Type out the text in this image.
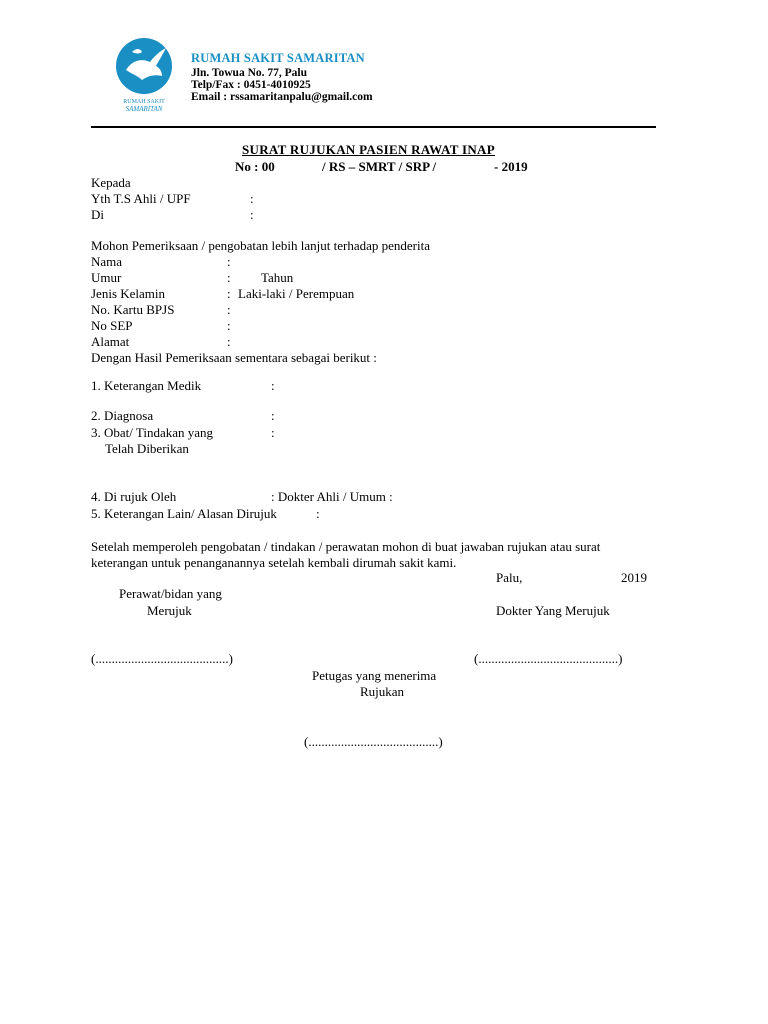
RUMAH SAKIT
SAMARITAN
RUMAH SAKIT SAMARITAN
Jln. Towua No. 77, Palu
Telp/Fax : 0451-4010925
Email : rssamaritanpalu@gmail.com
SURAT RUJUKAN PASIEN RAWAT INAP
No : 00	/ RS – SMRT / SRP /	- 2019
Kepada
Yth T.S Ahli / UPF	:
Di	:
Mohon Pemeriksaan / pengobatan lebih lanjut terhadap penderita
Nama	:
Umur	: Tahun
Jenis Kelamin	: Laki-laki / Perempuan
No. Kartu BPJS	:
No SEP	:
Alamat	:
Dengan Hasil Pemeriksaan sementara sebagai berikut :
1. Keterangan Medik	:
2. Diagnosa	:
3. Obat/ Tindakan yang	:
Telah Diberikan
4. Di rujuk Oleh	: Dokter Ahli / Umum :
5. Keterangan Lain/ Alasan Dirujuk	:
Setelah memperoleh pengobatan / tindakan / perawatan mohon di buat jawaban rujukan atau surat
keterangan untuk penanganannya setelah kembali dirumah sakit kami.
Palu,	2019
Perawat/bidan yang
Merujuk	Dokter Yang Merujuk
(.........................................)	(...........................................)
Petugas yang menerima
Rujukan
(........................................)
